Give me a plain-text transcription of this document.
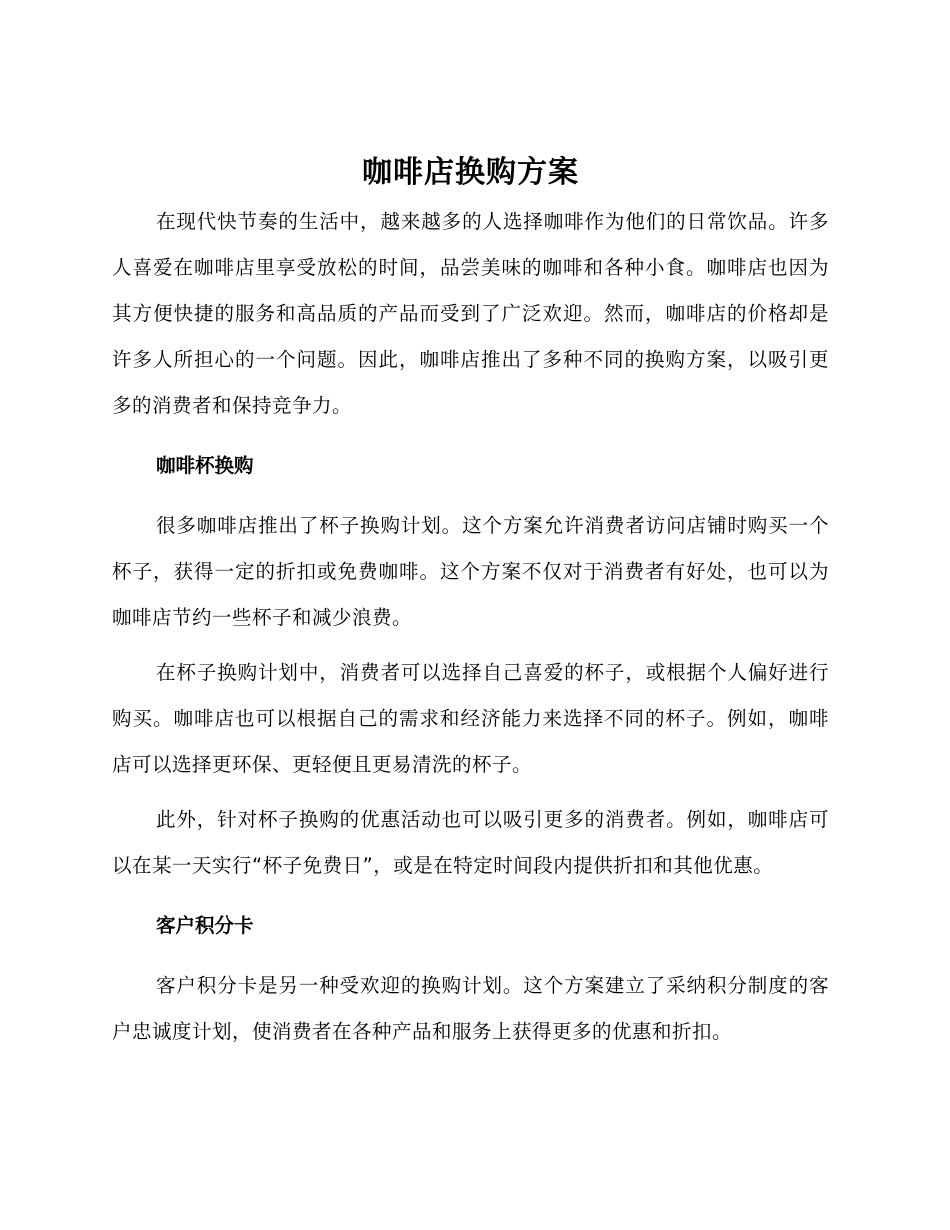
咖啡店换购方案

在现代快节奏的生活中，越来越多的人选择咖啡作为他们的日常饮品。许多人喜爱在咖啡店里享受放松的时间，品尝美味的咖啡和各种小食。咖啡店也因为其方便快捷的服务和高品质的产品而受到了广泛欢迎。然而，咖啡店的价格却是许多人所担心的一个问题。因此，咖啡店推出了多种不同的换购方案，以吸引更多的消费者和保持竞争力。

咖啡杯换购

很多咖啡店推出了杯子换购计划。这个方案允许消费者访问店铺时购买一个杯子，获得一定的折扣或免费咖啡。这个方案不仅对于消费者有好处，也可以为咖啡店节约一些杯子和减少浪费。

在杯子换购计划中，消费者可以选择自己喜爱的杯子，或根据个人偏好进行购买。咖啡店也可以根据自己的需求和经济能力来选择不同的杯子。例如，咖啡店可以选择更环保、更轻便且更易清洗的杯子。

此外，针对杯子换购的优惠活动也可以吸引更多的消费者。例如，咖啡店可以在某一天实行“杯子免费日”，或是在特定时间段内提供折扣和其他优惠。

客户积分卡

客户积分卡是另一种受欢迎的换购计划。这个方案建立了采纳积分制度的客户忠诚度计划，使消费者在各种产品和服务上获得更多的优惠和折扣。
